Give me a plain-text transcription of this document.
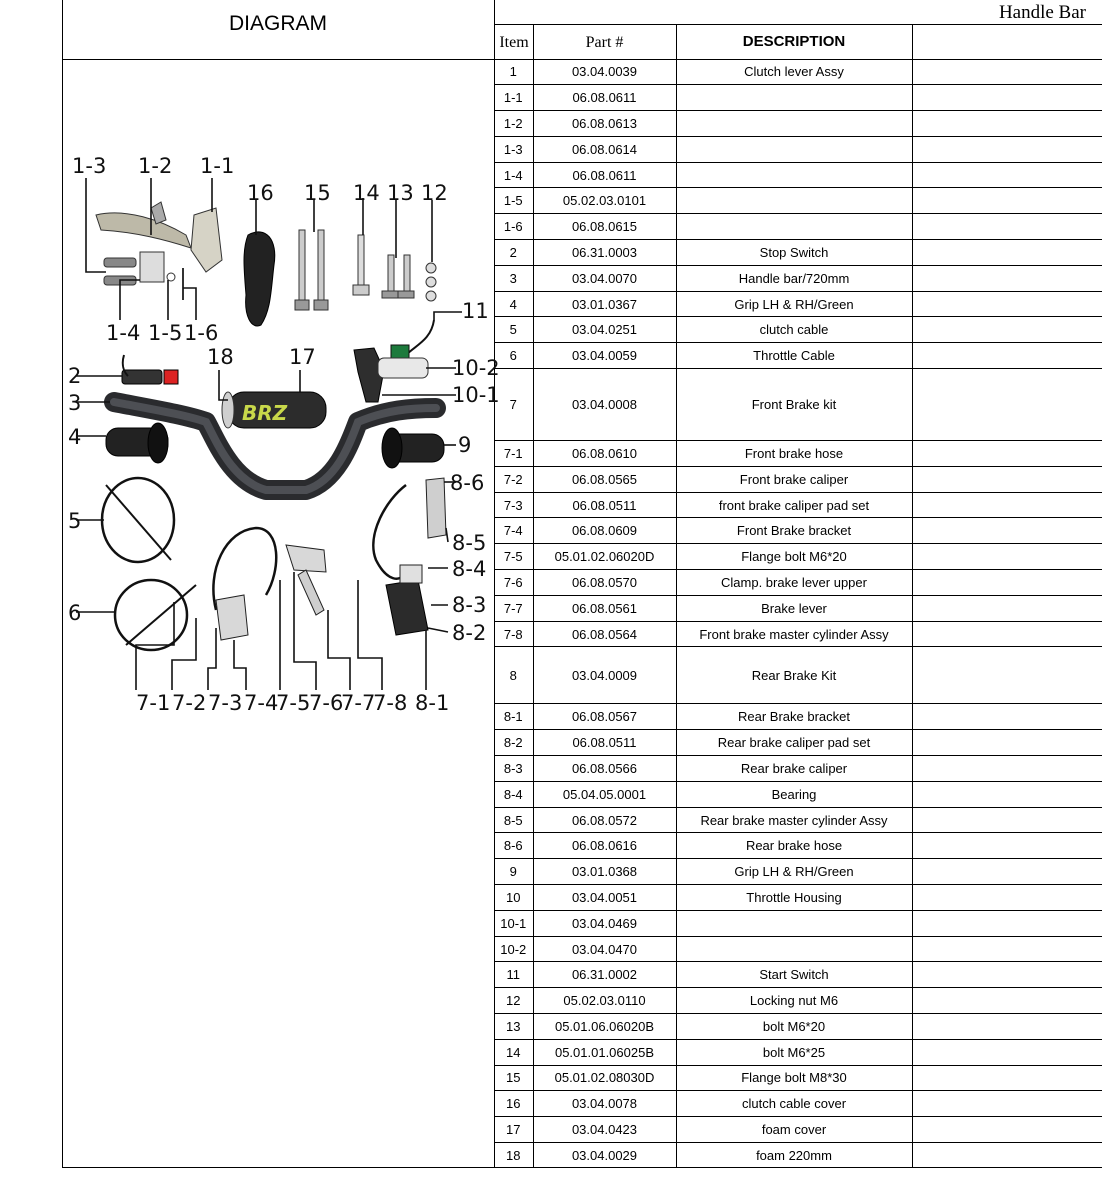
DIAGRAM	Handle Bar
Item	Part #	DESCRIPTION
BRZ
1-3 1-2 1-1
16 15 14 13 12
11
1-4 1-5 1-6
18	17	10-2
2
10-1
3
9
4
8-6
5
8-5
8-4
6	8-3
8-2
7-1 7-2 7-3 7-4
7-5
7-6
7-7
7-8 8-1
1	03.04.0039	Clutch lever Assy	
1-1	06.08.0611		
1-2	06.08.0613		
1-3	06.08.0614		
1-4	06.08.0611		
1-5	05.02.03.0101		
1-6	06.08.0615		
2	06.31.0003	Stop Switch	
3	03.04.0070	Handle bar/720mm	
4	03.01.0367	Grip LH & RH/Green	
5	03.04.0251	clutch cable	
6	03.04.0059	Throttle Cable	
7	03.04.0008	Front Brake kit	
7-1	06.08.0610	Front brake hose	
7-2	06.08.0565	Front brake caliper	
7-3	06.08.0511	front brake caliper pad set	
7-4	06.08.0609	Front Brake bracket	
7-5	05.01.02.06020D	Flange bolt M6*20	
7-6	06.08.0570	Clamp. brake lever upper	
7-7	06.08.0561	Brake lever	
7-8	06.08.0564	Front brake master cylinder Assy	
8	03.04.0009	Rear Brake Kit	
8-1	06.08.0567	Rear Brake bracket	
8-2	06.08.0511	Rear brake caliper pad set	
8-3	06.08.0566	Rear brake caliper	
8-4	05.04.05.0001	Bearing	
8-5	06.08.0572	Rear brake master cylinder Assy	
8-6	06.08.0616	Rear brake hose	
9	03.01.0368	Grip LH & RH/Green	
10	03.04.0051	Throttle Housing	
10-1	03.04.0469		
10-2	03.04.0470		
11	06.31.0002	Start Switch	
12	05.02.03.0110	Locking nut M6	
13	05.01.06.06020B	bolt M6*20	
14	05.01.01.06025B	bolt M6*25	
15	05.01.02.08030D	Flange bolt M8*30	
16	03.04.0078	clutch cable cover	
17	03.04.0423	foam cover	
18	03.04.0029	foam 220mm	
